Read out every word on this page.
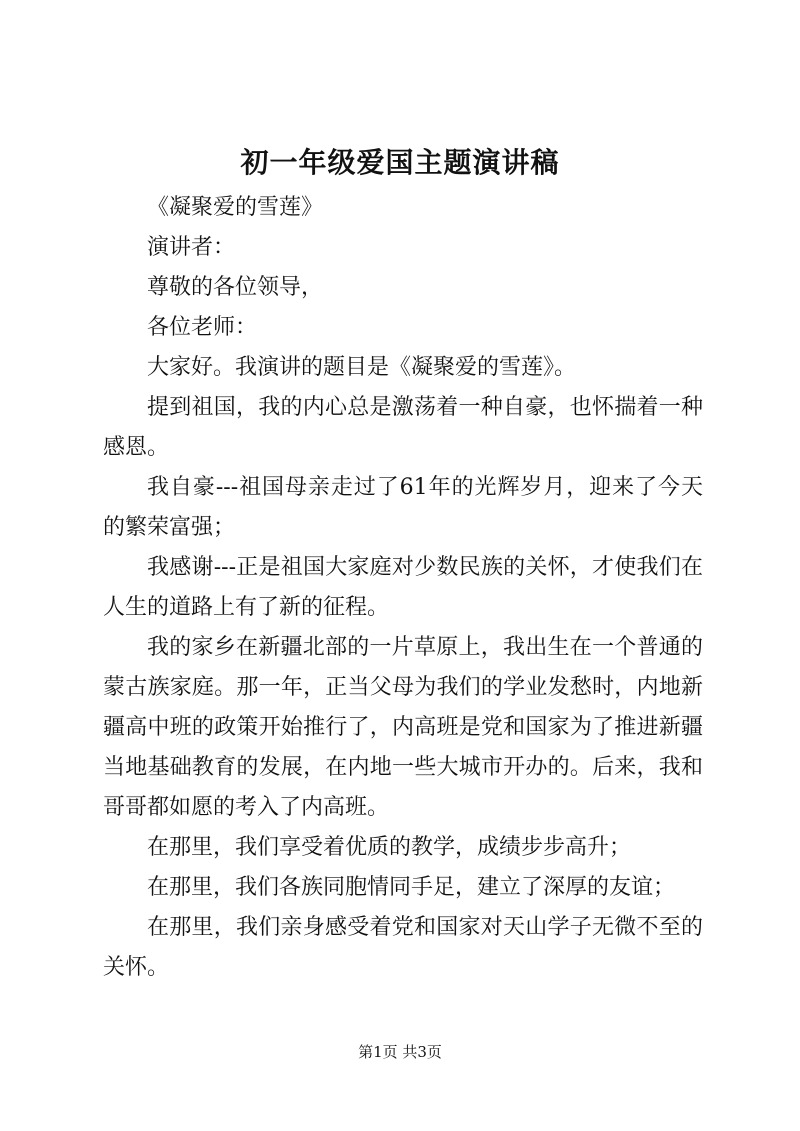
初一年级爱国主题演讲稿

《凝聚爱的雪莲》

演讲者：

尊敬的各位领导，

各位老师：

大家好。我演讲的题目是《凝聚爱的雪莲》。

提到祖国，我的内心总是激荡着一种自豪，也怀揣着一种感恩。

我自豪---祖国母亲走过了61年的光辉岁月，迎来了今天的繁荣富强；

我感谢---正是祖国大家庭对少数民族的关怀，才使我们在人生的道路上有了新的征程。

我的家乡在新疆北部的一片草原上，我出生在一个普通的蒙古族家庭。那一年，正当父母为我们的学业发愁时，内地新疆高中班的政策开始推行了，内高班是党和国家为了推进新疆当地基础教育的发展，在内地一些大城市开办的。后来，我和哥哥都如愿的考入了内高班。

在那里，我们享受着优质的教学，成绩步步高升；

在那里，我们各族同胞情同手足，建立了深厚的友谊；

在那里，我们亲身感受着党和国家对天山学子无微不至的关怀。

第1页 共3页
